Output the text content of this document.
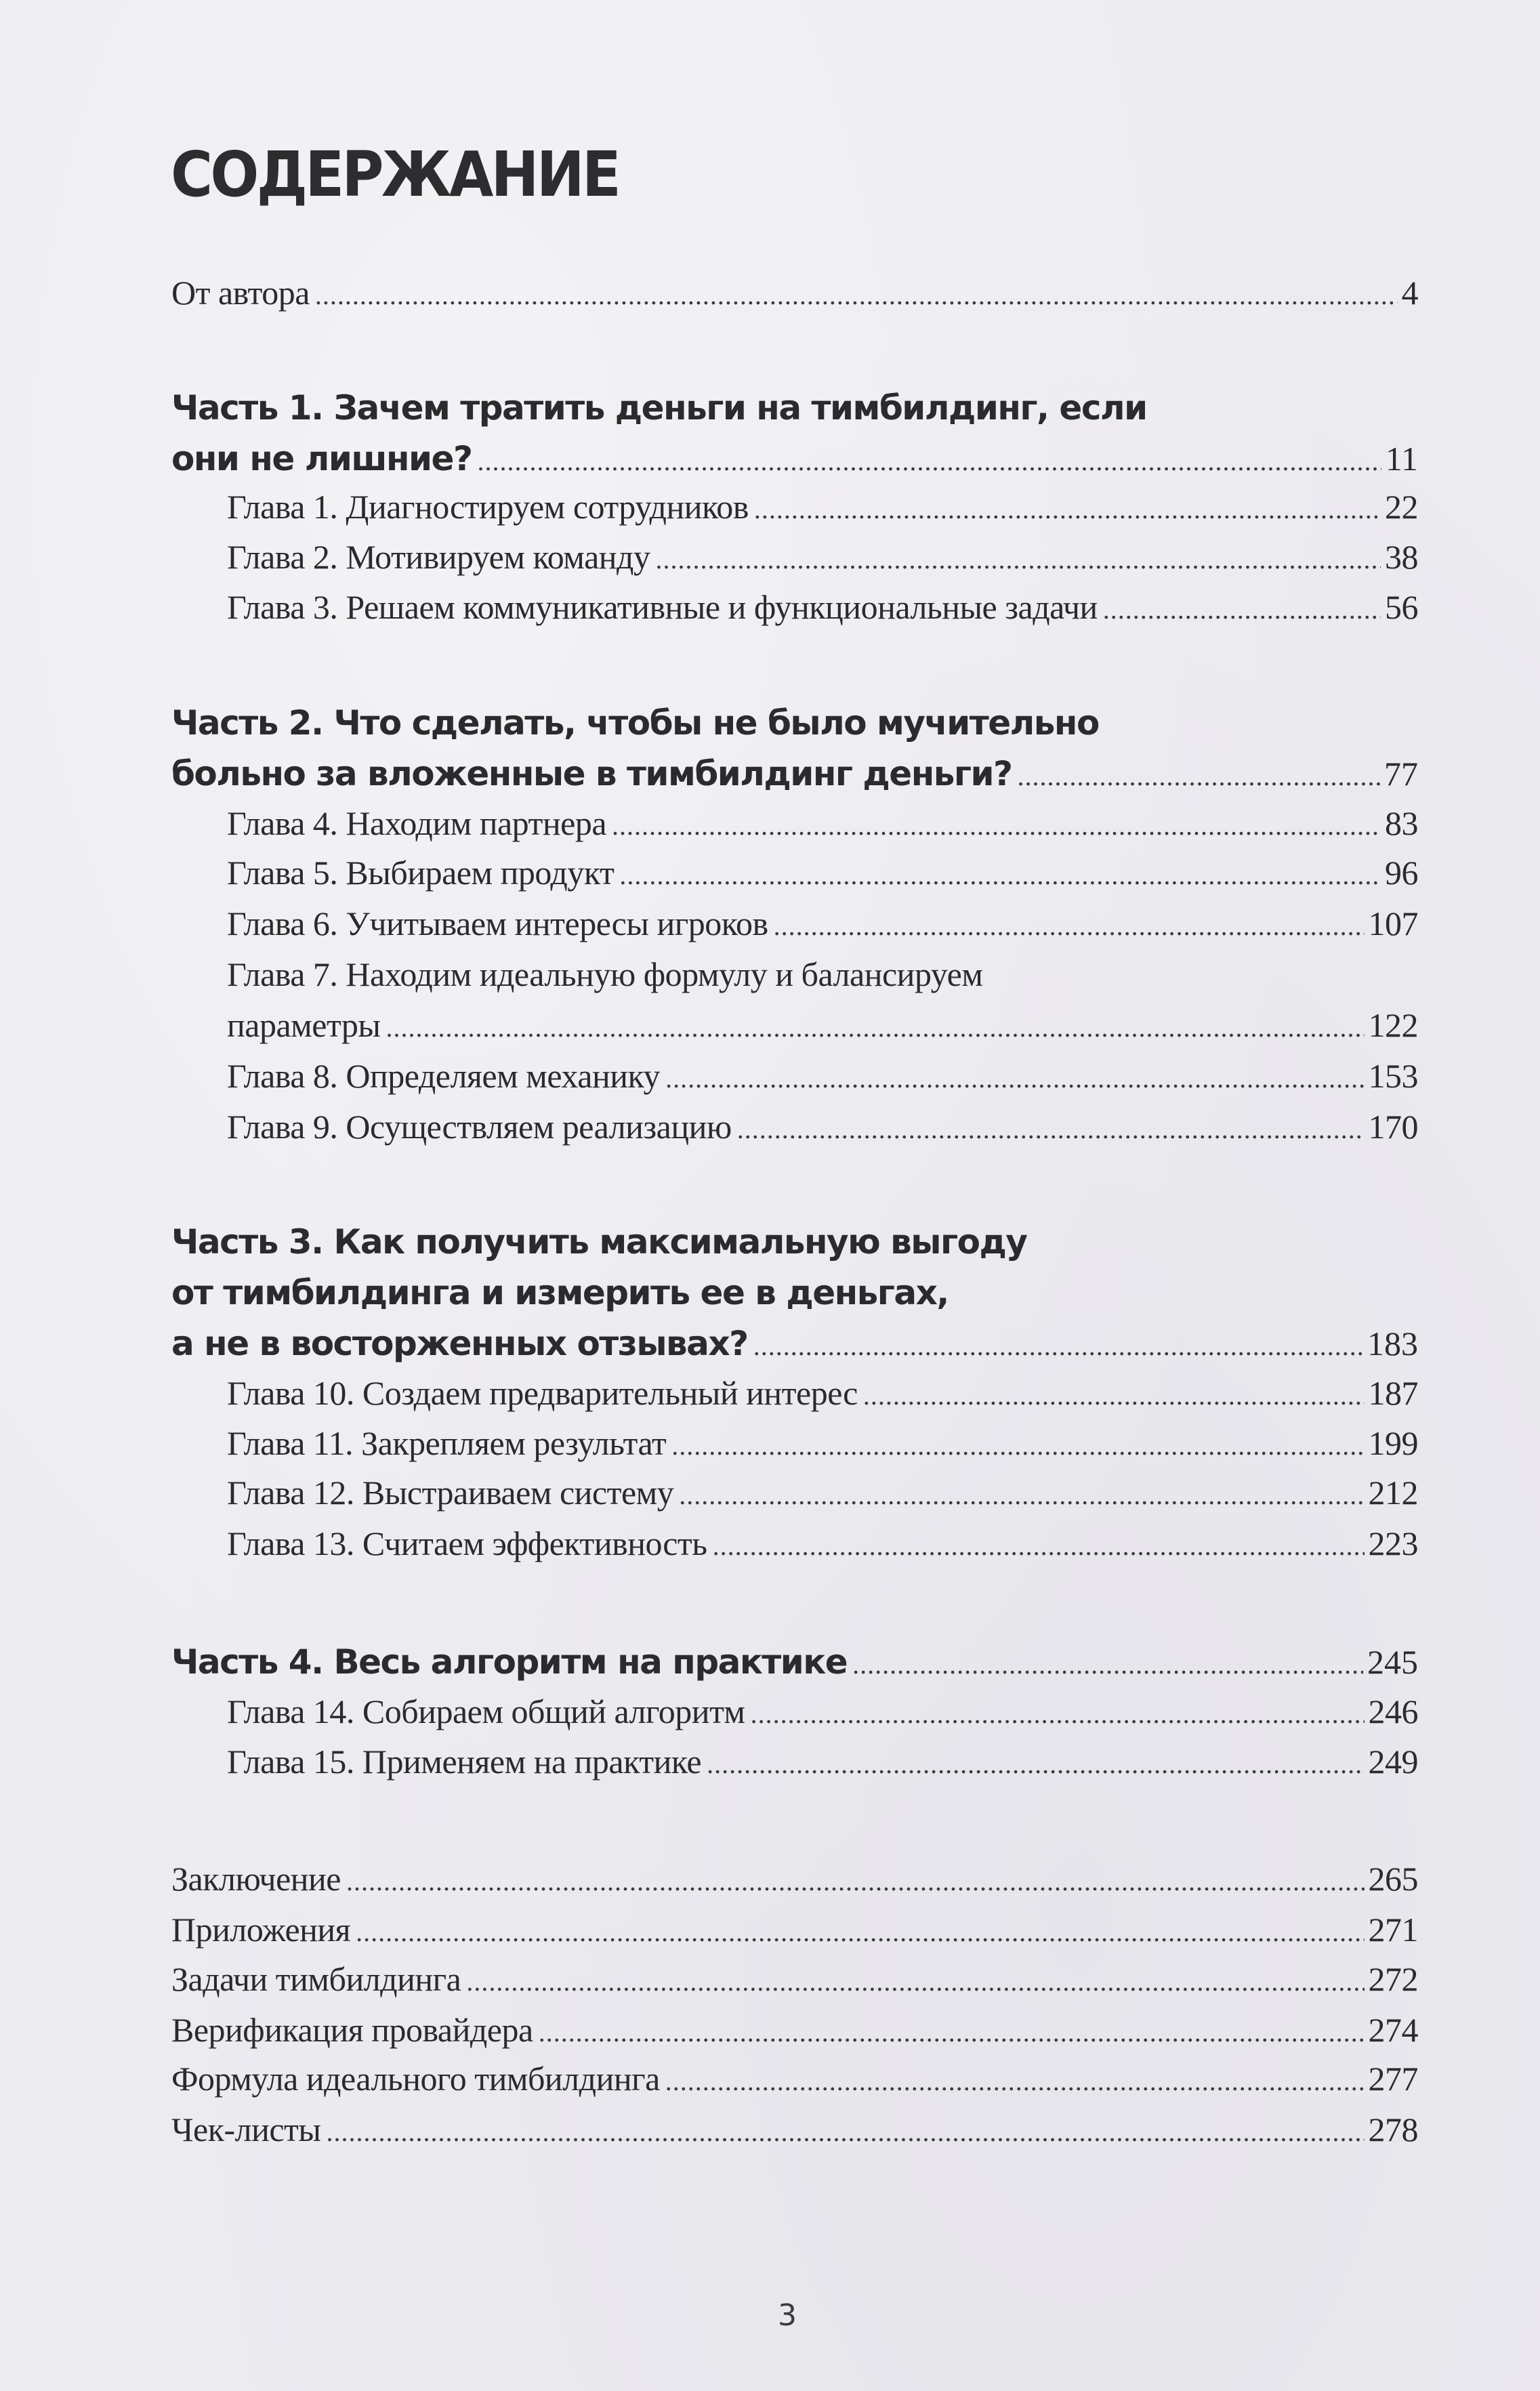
СОДЕРЖАНИЕ
От автора .....	4
Часть 1. Зачем тратить деньги на тимбилдинг, если
они не лишние? .....	11
Глава 1. Диагностируем сотрудников .....	22
Глава 2. Мотивируем команду .....	38
Глава 3. Решаем коммуникативные и функциональные задачи .....	56
Часть 2. Что сделать, чтобы не было мучительно
больно за вложенные в тимбилдинг деньги? .....	77
Глава 4. Находим партнера .....	83
Глава 5. Выбираем продукт .....	96
Глава 6. Учитываем интересы игроков .....	107
Глава 7. Находим идеальную формулу и балансируем
параметры .....	122
Глава 8. Определяем механику .....	153
Глава 9. Осуществляем реализацию .....	170
Часть 3. Как получить максимальную выгоду
от тимбилдинга и измерить ее в деньгах,
а не в восторженных отзывах? .....	183
Глава 10. Создаем предварительный интерес .....	187
Глава 11. Закрепляем результат .....	199
Глава 12. Выстраиваем систему .....	212
Глава 13. Считаем эффективность .....	223
Часть 4. Весь алгоритм на практике .....	245
Глава 14. Собираем общий алгоритм .....	246
Глава 15. Применяем на практике .....	249
Заключение .....	265
Приложения .....	271
Задачи тимбилдинга .....	272
Верификация провайдера .....	274
Формула идеального тимбилдинга .....	277
Чек-листы .....	278
3
